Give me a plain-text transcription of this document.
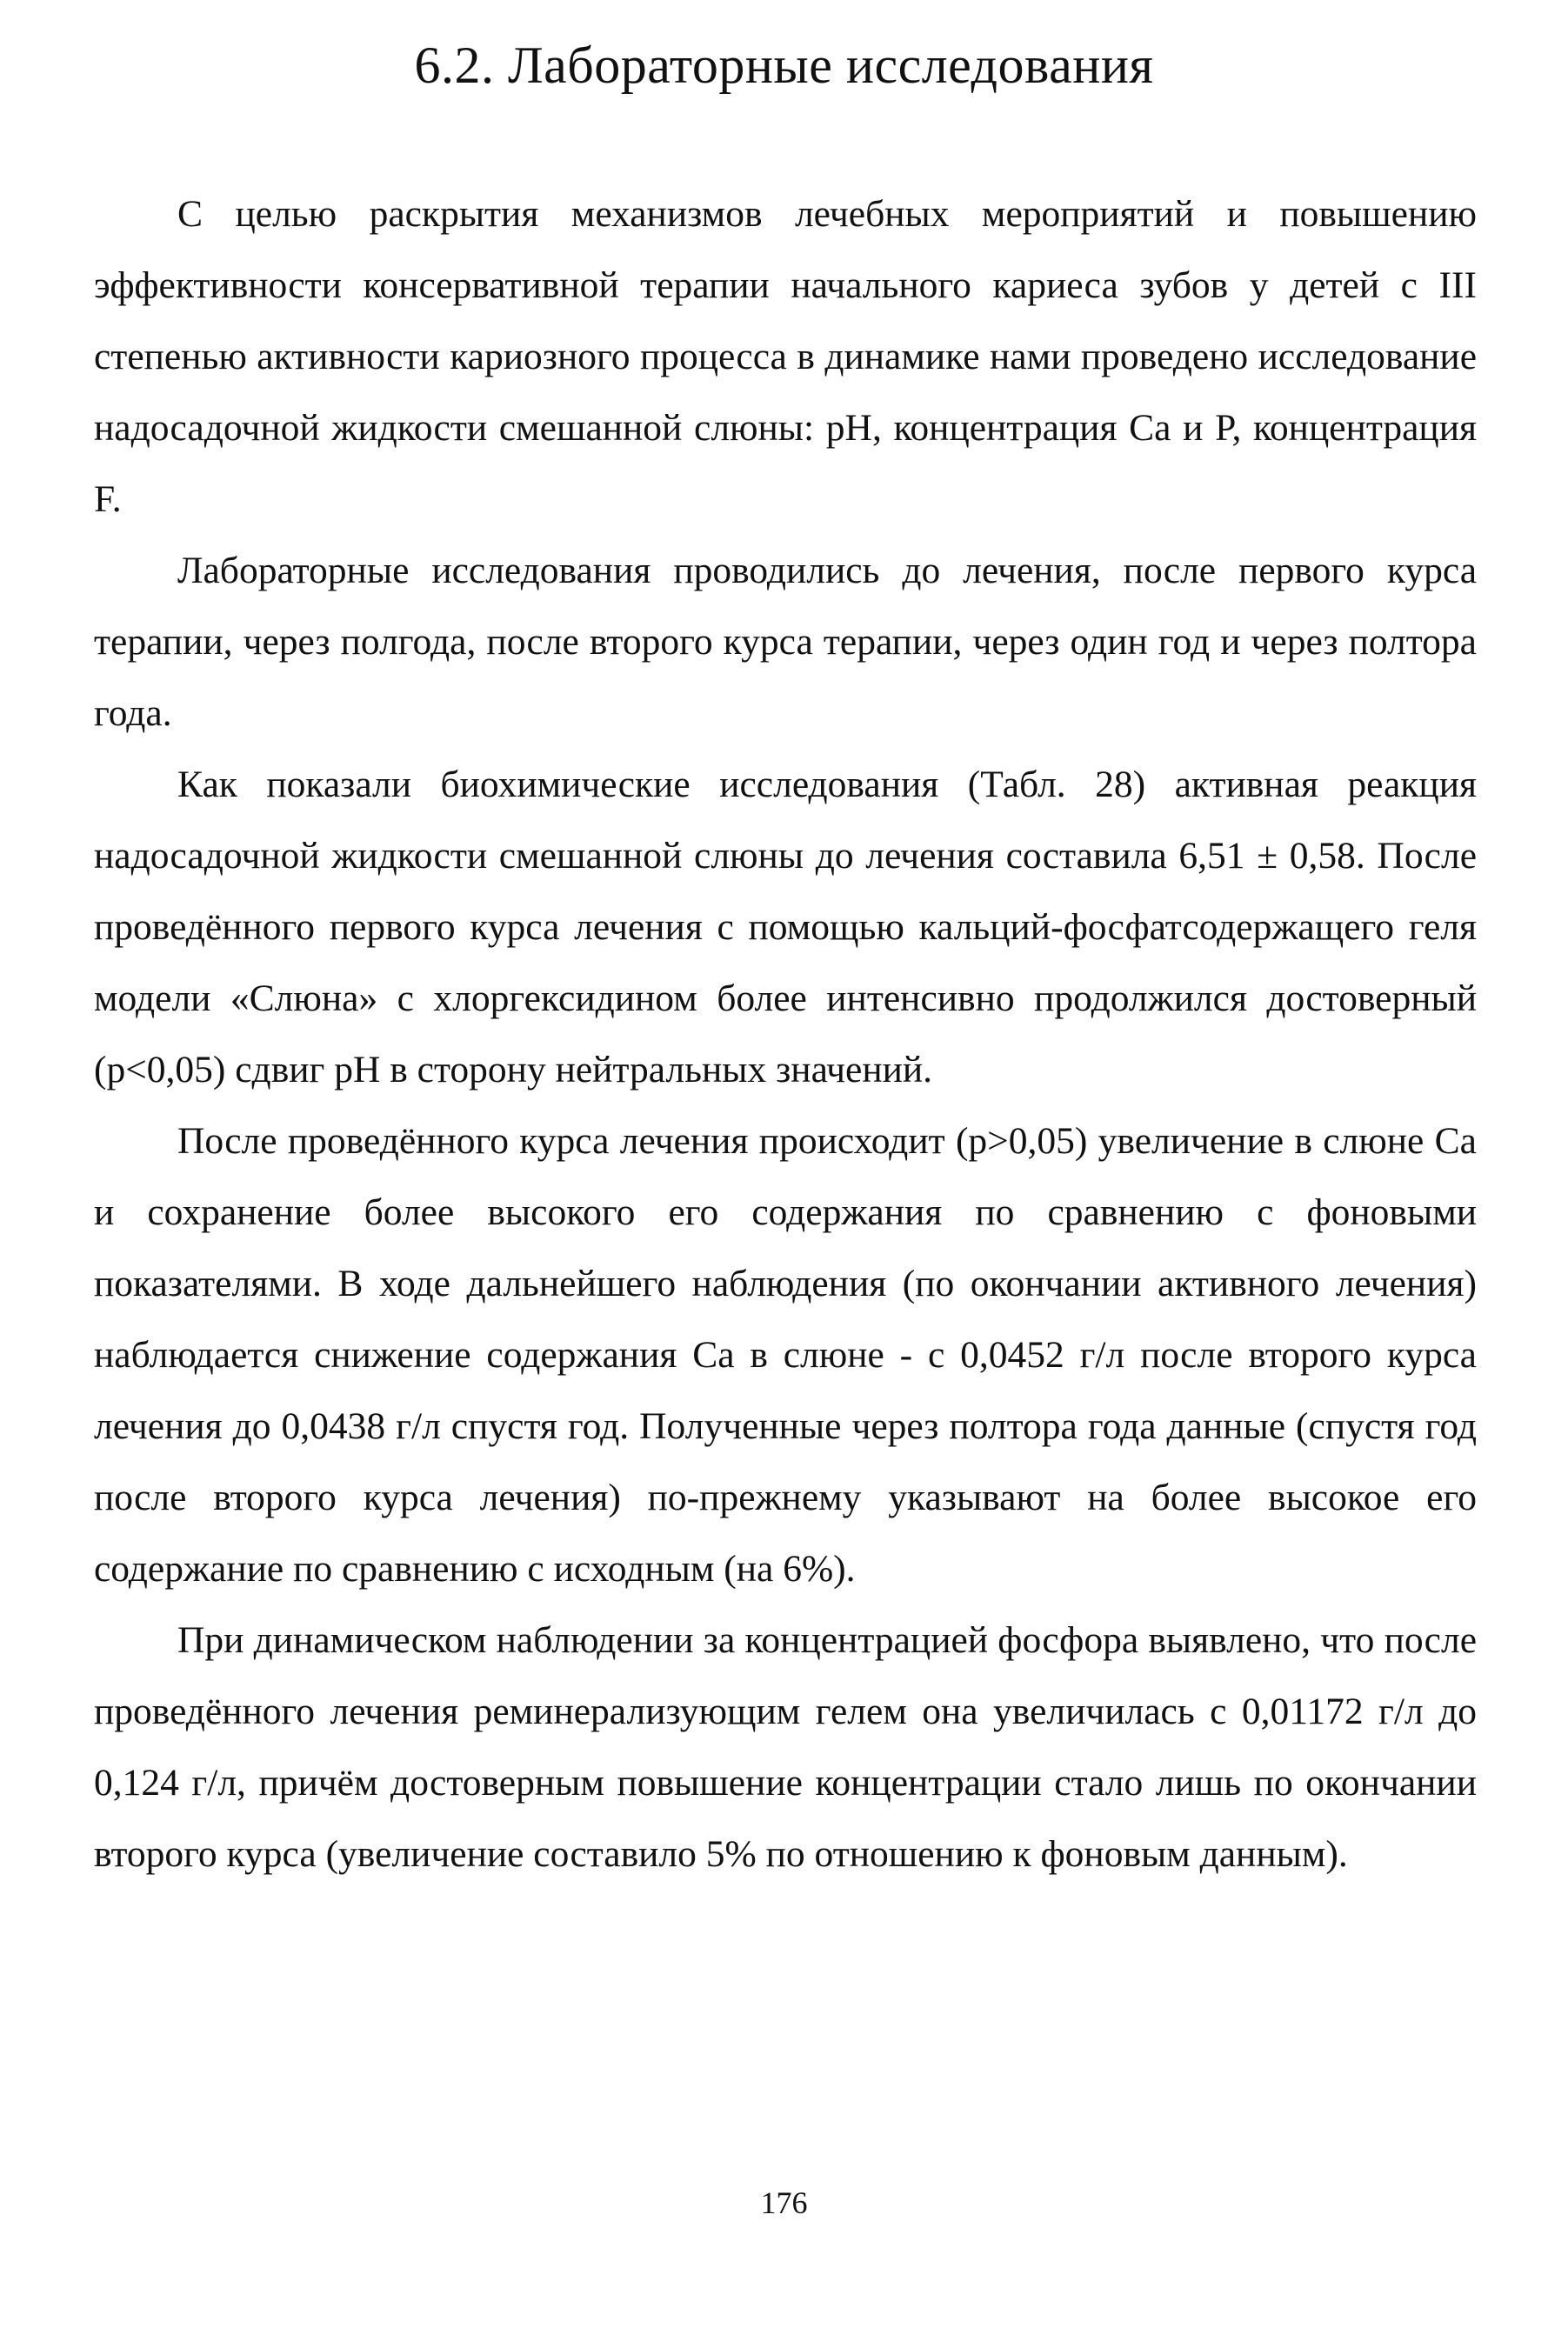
6.2. Лабораторные исследования

С целью раскрытия механизмов лечебных мероприятий и повышению эффективности консервативной терапии начального кариеса зубов у детей с III степенью активности кариозного процесса в динамике нами проведено исследование надосадочной жидкости смешанной слюны: pH, концентрация Ca и P, концентрация F.

Лабораторные исследования проводились до лечения, после первого курса терапии, через полгода, после второго курса терапии, через один год и через полтора года.

Как показали биохимические исследования (Табл. 28) активная реакция надосадочной жидкости смешанной слюны до лечения составила 6,51 ± 0,58. После проведённого первого курса лечения с помощью кальций-фосфатсодержащего геля модели «Слюна» с хлоргексидином более интенсивно продолжился достоверный (р<0,05) сдвиг pH в сторону нейтральных значений.

После проведённого курса лечения происходит (р>0,05) увеличение в слюне Ca и сохранение более высокого его содержания по сравнению с фоновыми показателями. В ходе дальнейшего наблюдения (по окончании активного лечения) наблюдается снижение содержания Ca в слюне - с 0,0452 г/л после второго курса лечения до 0,0438 г/л спустя год. Полученные через полтора года данные (спустя год после второго курса лечения) по-прежнему указывают на более высокое его содержание по сравнению с исходным (на 6%).

При динамическом наблюдении за концентрацией фосфора выявлено, что после проведённого лечения реминерализующим гелем она увеличилась с 0,01172 г/л до 0,124 г/л, причём достоверным повышение концентрации стало лишь по окончании второго курса (увеличение составило 5% по отношению к фоновым данным).

176
